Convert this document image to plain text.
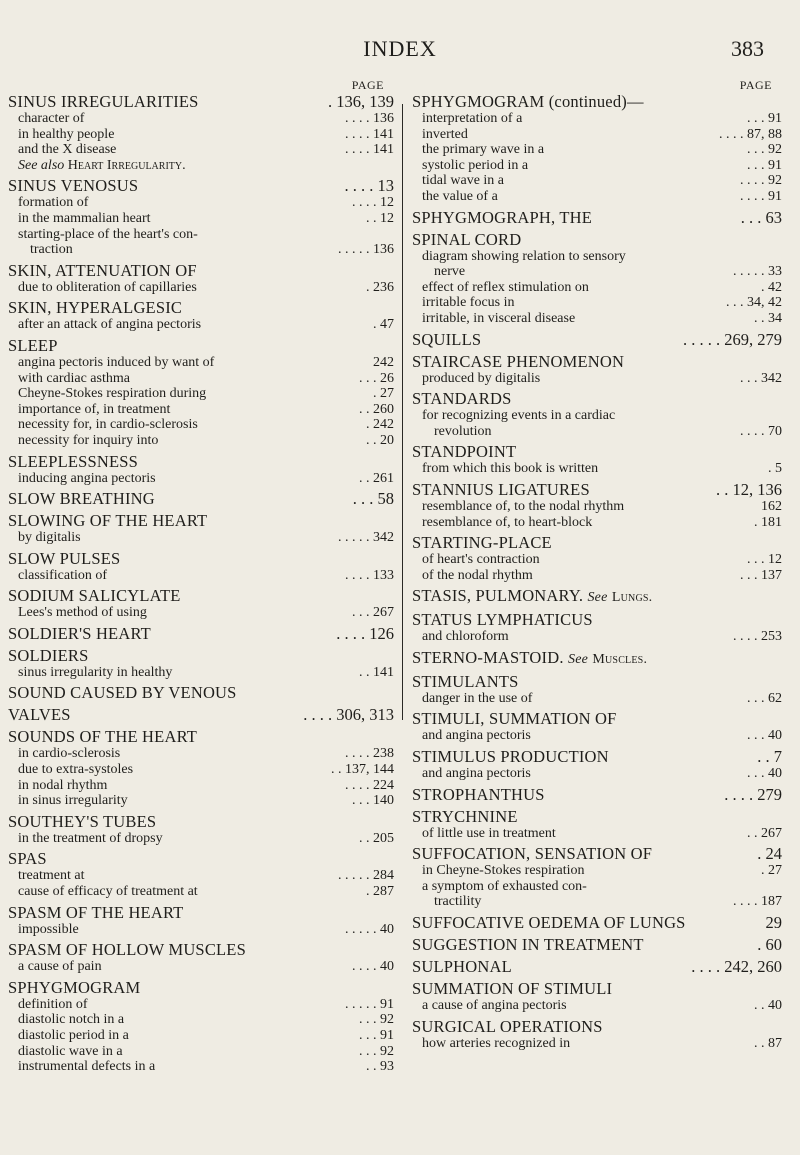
INDEX	383
PAGE
SINUS IRREGULARITIES	. 136, 139
character of	. . . . 136
in healthy people	. . . . 141
and the X disease	. . . . 141
See also Heart Irregularity.
SINUS VENOSUS	. . . . 13
formation of	. . . . 12
in the mammalian heart	. . 12
starting-place of the heart's con-
traction	. . . . . 136
SKIN, ATTENUATION OF
due to obliteration of capillaries	. 236
SKIN, HYPERALGESIC
after an attack of angina pectoris	. 47
SLEEP
angina pectoris induced by want of	242
with cardiac asthma	. . . 26
Cheyne-Stokes respiration during	. 27
importance of, in treatment	. . 260
necessity for, in cardio-sclerosis	. 242
necessity for inquiry into	. . 20
SLEEPLESSNESS
inducing angina pectoris	. . 261
SLOW BREATHING	. . . 58
SLOWING OF THE HEART
by digitalis	. . . . . 342
SLOW PULSES
classification of	. . . . 133
SODIUM SALICYLATE
Lees's method of using	. . . 267
SOLDIER'S HEART	. . . . 126
SOLDIERS
sinus irregularity in healthy	. . 141
SOUND CAUSED BY VENOUS
VALVES	. . . . 306, 313
SOUNDS OF THE HEART
in cardio-sclerosis	. . . . 238
due to extra-systoles	. . 137, 144
in nodal rhythm	. . . . 224
in sinus irregularity	. . . 140
SOUTHEY'S TUBES
in the treatment of dropsy	. . 205
SPAS
treatment at	. . . . . 284
cause of efficacy of treatment at	. 287
SPASM OF THE HEART
impossible	. . . . . 40
SPASM OF HOLLOW MUSCLES
a cause of pain	. . . . 40
SPHYGMOGRAM
definition of	. . . . . 91
diastolic notch in a	. . . 92
diastolic period in a	. . . 91
diastolic wave in a	. . . 92
instrumental defects in a	. . 93
PAGE
SPHYGMOGRAM (continued)—
interpretation of a	. . . 91
inverted	. . . . 87, 88
the primary wave in a	. . . 92
systolic period in a	. . . 91
tidal wave in a	. . . . 92
the value of a	. . . . 91
SPHYGMOGRAPH, THE	. . . 63
SPINAL CORD
diagram showing relation to sensory
nerve	. . . . . 33
effect of reflex stimulation on	. 42
irritable focus in	. . . 34, 42
irritable, in visceral disease	. . 34
SQUILLS	. . . . . 269, 279
STAIRCASE PHENOMENON
produced by digitalis	. . . 342
STANDARDS
for recognizing events in a cardiac
revolution	. . . . 70
STANDPOINT
from which this book is written	. 5
STANNIUS LIGATURES	. . 12, 136
resemblance of, to the nodal rhythm	162
resemblance of, to heart-block	. 181
STARTING-PLACE
of heart's contraction	. . . 12
of the nodal rhythm	. . . 137
STASIS, PULMONARY. See Lungs.
STATUS LYMPHATICUS
and chloroform	. . . . 253
STERNO-MASTOID. See Muscles.
STIMULANTS
danger in the use of	. . . 62
STIMULI, SUMMATION OF
and angina pectoris	. . . 40
STIMULUS PRODUCTION	. . 7
and angina pectoris	. . . 40
STROPHANTHUS	. . . . 279
STRYCHNINE
of little use in treatment	. . 267
SUFFOCATION, SENSATION OF	. 24
in Cheyne-Stokes respiration	. 27
a symptom of exhausted con-
tractility	. . . . 187
SUFFOCATIVE OEDEMA OF LUNGS	29
SUGGESTION IN TREATMENT	. 60
SULPHONAL	. . . . 242, 260
SUMMATION OF STIMULI
a cause of angina pectoris	. . 40
SURGICAL OPERATIONS
how arteries recognized in	. . 87
